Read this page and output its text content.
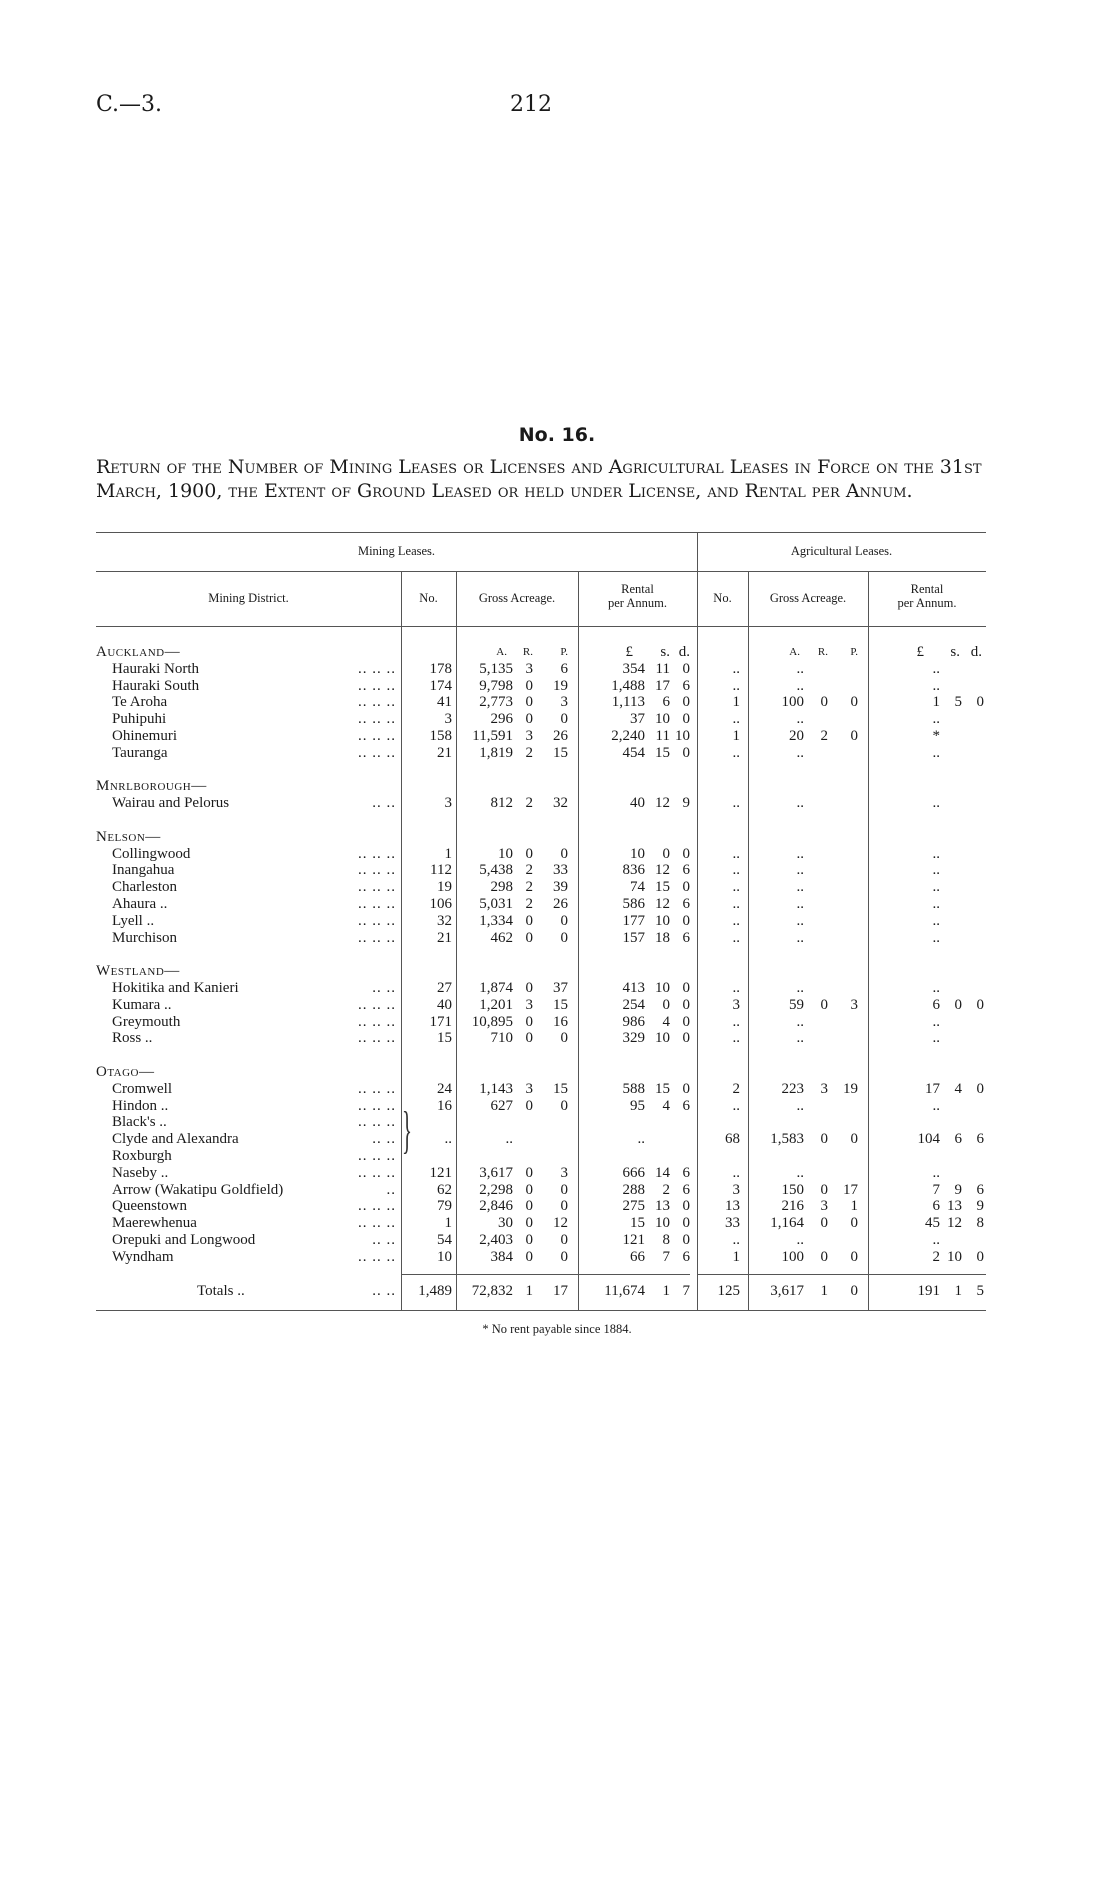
C.—3.	212
No. 16.
Return of the Number of Mining Leases or Licenses and Agricultural Leases in Force on the 31st March, 1900, the Extent of Ground Leased or held under License, and Rental per Annum.
Mining Leases.	Agricultural Leases.
Mining District.	No.	Gross Acreage.
Rental
per Annum.	No.	Gross Acreage.
Rental
per Annum.
A.	R.	P.	£	s. d.	A.	R.	P.	£	s. d.
Auckland—
Hauraki North	.. .. ..	178	5,135 3	6	354 11 0	..	..	..
Hauraki South	.. .. ..	174	9,798 0	19	1,488 17 6	..	..	..
Te Aroha	.. .. ..	41	2,773 0	3	1,113	6 0	1	100	0	0	1 5 0
Puhipuhi	.. .. ..	3	296 0	0	37 10 0	..	..	..
Ohinemuri	.. .. ..	158	11,591 3	26	2,240 11 10	1	20	2	0	*
Tauranga	.. .. ..	21	1,819 2	15	454 15 0	..	..	..
Mnrlborough—
Wairau and Pelorus	.. ..	3	812 2	32	40 12 9	..	..	..
Nelson—
Collingwood	.. .. ..	1	10 0	0	10	0 0	..	..	..
Inangahua	.. .. ..	112	5,438 2	33	836 12 6	..	..	..
Charleston	.. .. ..	19	298 2	39	74 15 0	..	..	..
Ahaura ..	.. .. ..	106	5,031 2	26	586 12 6	..	..	..
Lyell ..	.. .. ..	32	1,334 0	0	177 10 0	..	..	..
Murchison	.. .. ..	21	462 0	0	157 18 6	..	..	..
Westland—
Hokitika and Kanieri	.. ..	27	1,874 0	37	413 10 0	..	..	..
Kumara ..	.. .. ..	40	1,201 3	15	254	0 0	3	59	0	3	6 0 0
Greymouth	.. .. ..	171	10,895 0	16	986	4 0	..	..	..
Ross ..	.. .. ..	15	710 0	0	329 10 0	..	..	..
Otago—
Cromwell	.. .. ..	24	1,143 3	15	588 15 0	2	223	3	19	17 4 0
Hindon ..	.. .. ..	16	627 0	0	95	4 6	..	..	..
Black's ..	.. .. ..
Clyde and Alexandra	.. ..	..	..	..	68	1,583	0	0	104 6 6
Roxburgh	.. .. ..
Naseby ..	.. .. ..	121	3,617 0	3	666 14 6	..	..	..
Arrow (Wakatipu Goldfield)	..	62	2,298 0	0	288	2 6	3	150	0	17	7 9 6
Queenstown	.. .. ..	79	2,846 0	0	275 13 0	13	216	3	1	6 13 9
Maerewhenua	.. .. ..	1	30 0	12	15 10 0	33	1,164	0	0	45 12 8
Orepuki and Longwood	.. ..	54	2,403 0	0	121	8 0	..	..	..
Wyndham	.. .. ..	10	384 0	0	66	7 6	1	100	0	0	2 10 0
}
Totals ..	.. ..	1,489	72,832 1	17	11,674	1 7	125	3,617	1	0	191 1 5
* No rent payable since 1884.
